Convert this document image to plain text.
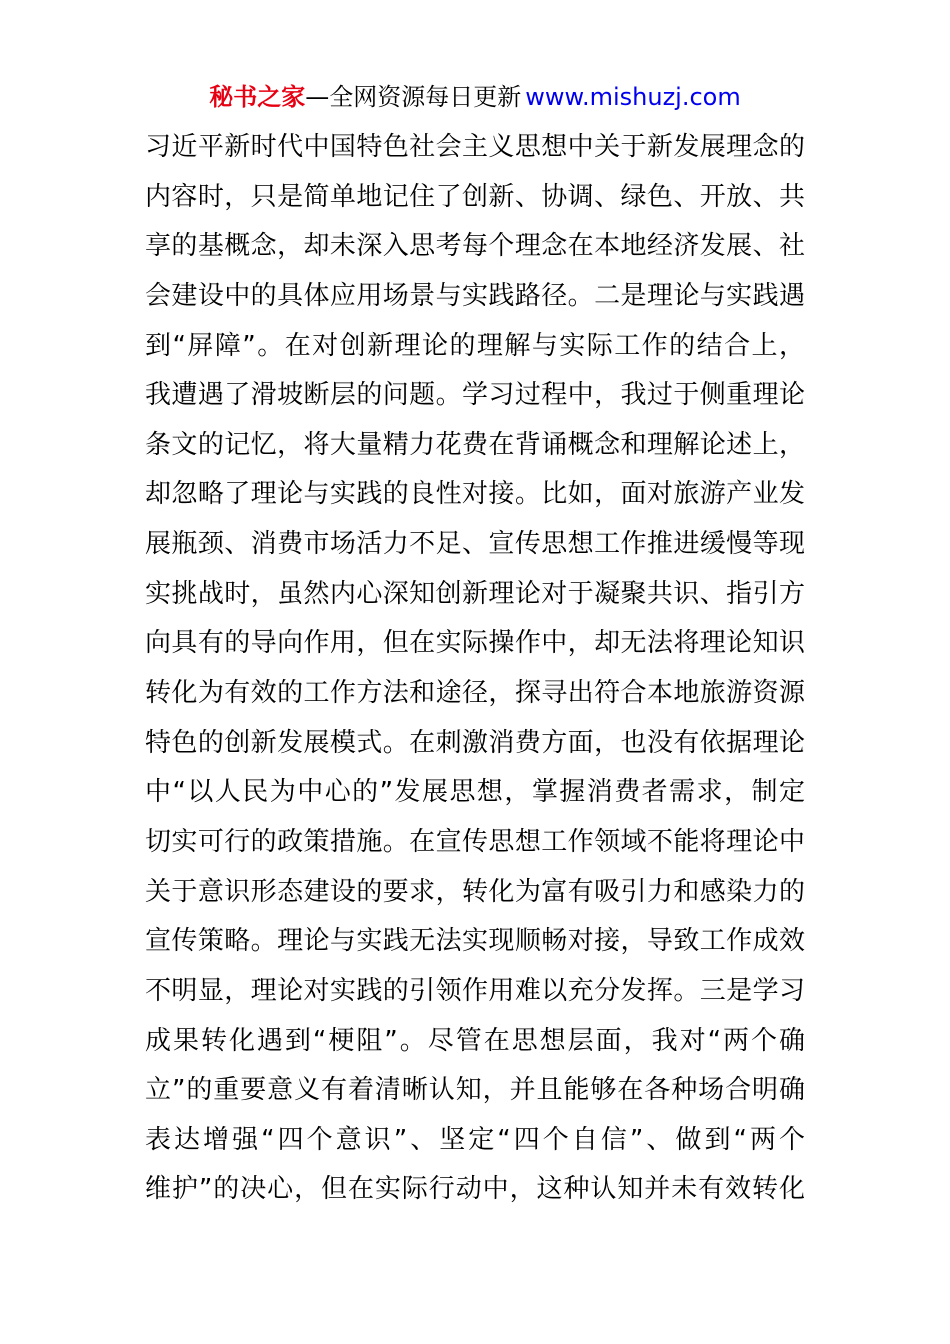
秘书之家—全网资源每日更新 www.mishuzj.com
习近平新时代中国特色社会主义思想中关于新发展理念的
内容时，只是简单地记住了创新、协调、绿色、开放、共
享的基概念，却未深入思考每个理念在本地经济发展、社
会建设中的具体应用场景与实践路径。二是理论与实践遇
到“屏障”。在对创新理论的理解与实际工作的结合上，
我遭遇了滑坡断层的问题。学习过程中，我过于侧重理论
条文的记忆，将大量精力花费在背诵概念和理解论述上，
却忽略了理论与实践的良性对接。比如，面对旅游产业发
展瓶颈、消费市场活力不足、宣传思想工作推进缓慢等现
实挑战时，虽然内心深知创新理论对于凝聚共识、指引方
向具有的导向作用，但在实际操作中，却无法将理论知识
转化为有效的工作方法和途径，探寻出符合本地旅游资源
特色的创新发展模式。在刺激消费方面，也没有依据理论
中“以人民为中心的”发展思想，掌握消费者需求，制定
切实可行的政策措施。在宣传思想工作领域不能将理论中
关于意识形态建设的要求，转化为富有吸引力和感染力的
宣传策略。理论与实践无法实现顺畅对接，导致工作成效
不明显，理论对实践的引领作用难以充分发挥。三是学习
成果转化遇到“梗阻”。尽管在思想层面，我对“两个确
立”的重要意义有着清晰认知，并且能够在各种场合明确
表达增强“四个意识”、坚定“四个自信”、做到“两个
维护”的决心，但在实际行动中，这种认知并未有效转化
